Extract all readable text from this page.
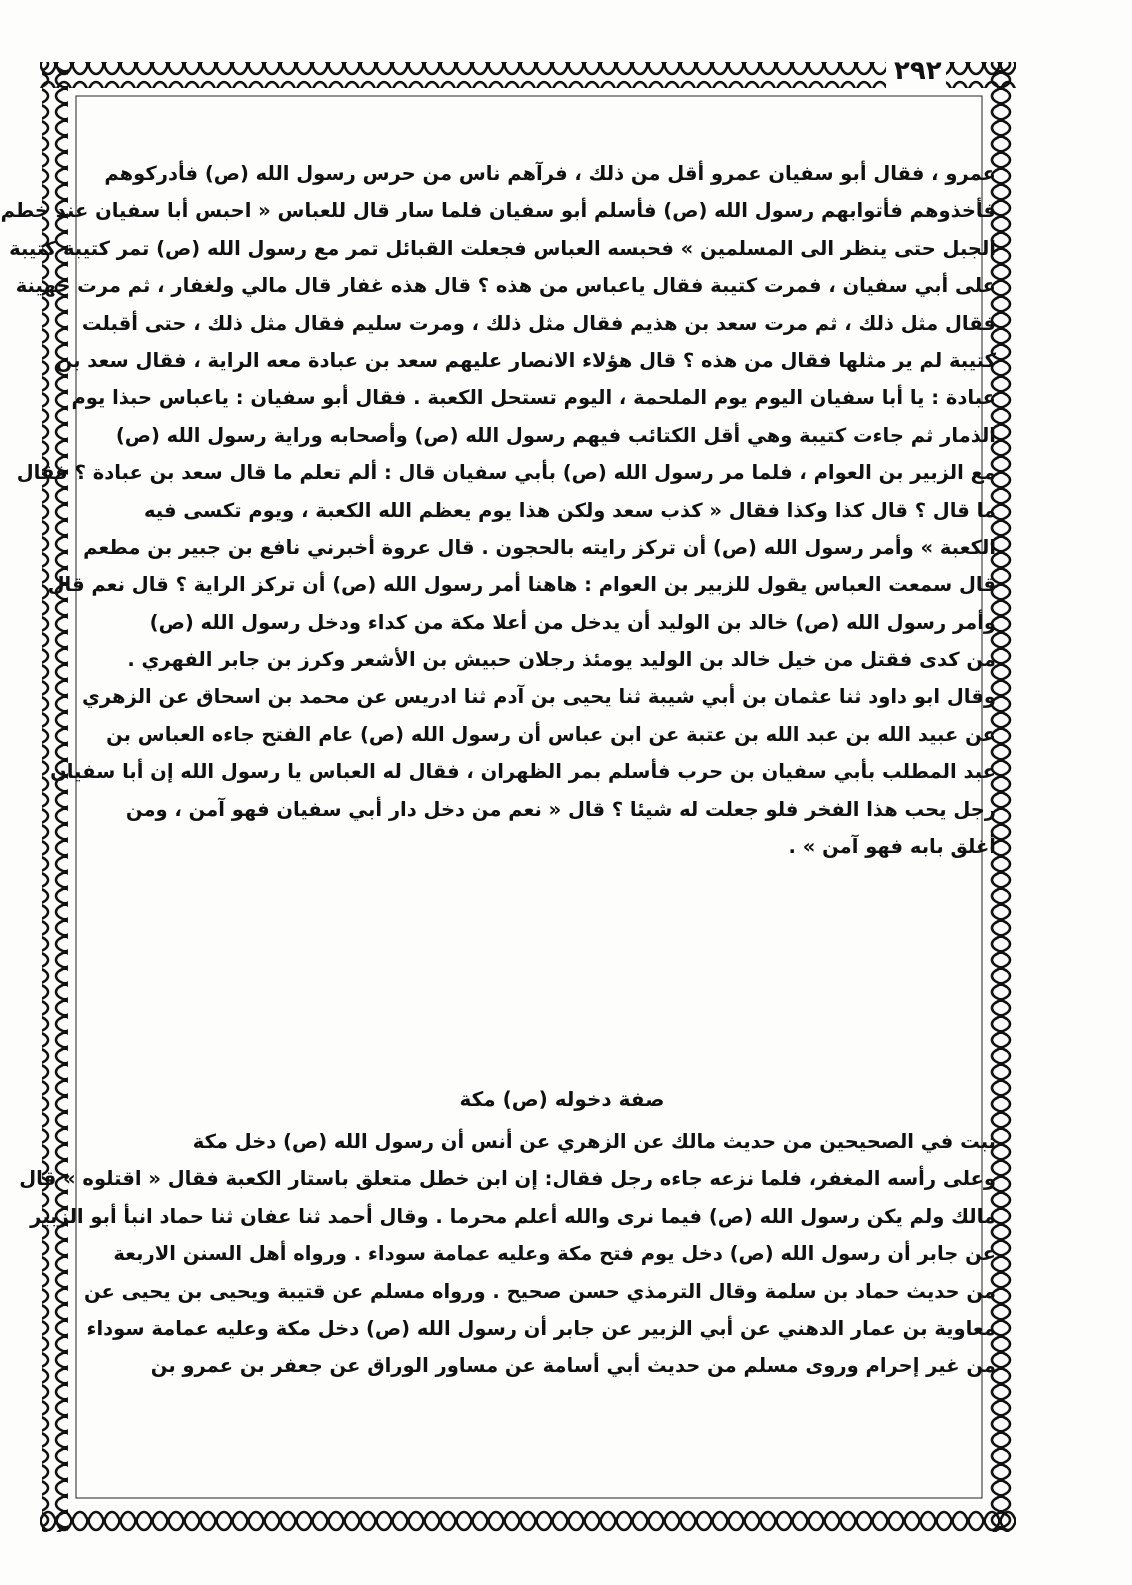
٢٩٢
عمرو ، فقال أبو سفيان عمرو أقل من ذلك ، فرآهم ناس من حرس رسول الله (ص) فأدركوهم
فأخذوهم فأتوابهم رسول الله (ص) فأسلم أبو سفيان فلما سار قال للعباس « احبس أبا سفيان عند خطم
الجبل حتى ينظر الى المسلمين » فحبسه العباس فجعلت القبائل تمر مع رسول الله (ص) تمر كتيبة كتيبة
على أبي سفيان ، فمرت كتيبة فقال ياعباس من هذه ؟ قال هذه غفار قال مالي ولغفار ، ثم مرت جهينة
فقال مثل ذلك ، ثم مرت سعد بن هذيم فقال مثل ذلك ، ومرت سليم فقال مثل ذلك ، حتى أقبلت
كتيبة لم ير مثلها فقال من هذه ؟ قال هؤلاء الانصار عليهم سعد بن عبادة معه الراية ، فقال سعد بن
عبادة : يا أبا سفيان اليوم يوم الملحمة ، اليوم تستحل الكعبة . فقال أبو سفيان : ياعباس حبذا يوم
الذمار ثم جاءت كتيبة وهي أقل الكتائب فيهم رسول الله (ص) وأصحابه وراية رسول الله (ص)
مع الزبير بن العوام ، فلما مر رسول الله (ص) بأبي سفيان قال : ألم تعلم ما قال سعد بن عبادة ؟ فقال
ما قال ؟ قال كذا وكذا فقال « كذب سعد ولكن هذا يوم يعظم الله الكعبة ، ويوم تكسى فيه
الكعبة » وأمر رسول الله (ص) أن تركز رايته بالحجون . قال عروة أخبرني نافع بن جبير بن مطعم
قال سمعت العباس يقول للزبير بن العوام : هاهنا أمر رسول الله (ص) أن تركز الراية ؟ قال نعم قال
وأمر رسول الله (ص) خالد بن الوليد أن يدخل من أعلا مكة من كداء ودخل رسول الله (ص)
من كدى فقتل من خيل خالد بن الوليد يومئذ رجلان حبيش بن الأشعر وكرز بن جابر الفهري .
وقال ابو داود ثنا عثمان بن أبي شيبة ثنا يحيى بن آدم ثنا ادريس عن محمد بن اسحاق عن الزهري
عن عبيد الله بن عبد الله بن عتبة عن ابن عباس أن رسول الله (ص) عام الفتح جاءه العباس بن
عبد المطلب بأبي سفيان بن حرب فأسلم بمر الظهران ، فقال له العباس يا رسول الله إن أبا سفيان
رجل يحب هذا الفخر فلو جعلت له شيئا ؟ قال « نعم من دخل دار أبي سفيان فهو آمن ، ومن
أغلق بابه فهو آمن » .
صفة دخوله (ص) مكة
ثبت في الصحيحين من حديث مالك عن الزهري عن أنس أن رسول الله (ص) دخل مكة
وعلى رأسه المغفر، فلما نزعه جاءه رجل فقال: إن ابن خطل متعلق باستار الكعبة فقال « اقتلوه » قال
مالك ولم يكن رسول الله (ص) فيما نرى والله أعلم محرما . وقال أحمد ثنا عفان ثنا حماد انبأ أبو الزبير
عن جابر أن رسول الله (ص) دخل يوم فتح مكة وعليه عمامة سوداء . ورواه أهل السنن الاربعة
من حديث حماد بن سلمة وقال الترمذي حسن صحيح . ورواه مسلم عن قتيبة ويحيى بن يحيى عن
معاوية بن عمار الدهني عن أبي الزبير عن جابر أن رسول الله (ص) دخل مكة وعليه عمامة سوداء
من غير إحرام وروى مسلم من حديث أبي أسامة عن مساور الوراق عن جعفر بن عمرو بن
